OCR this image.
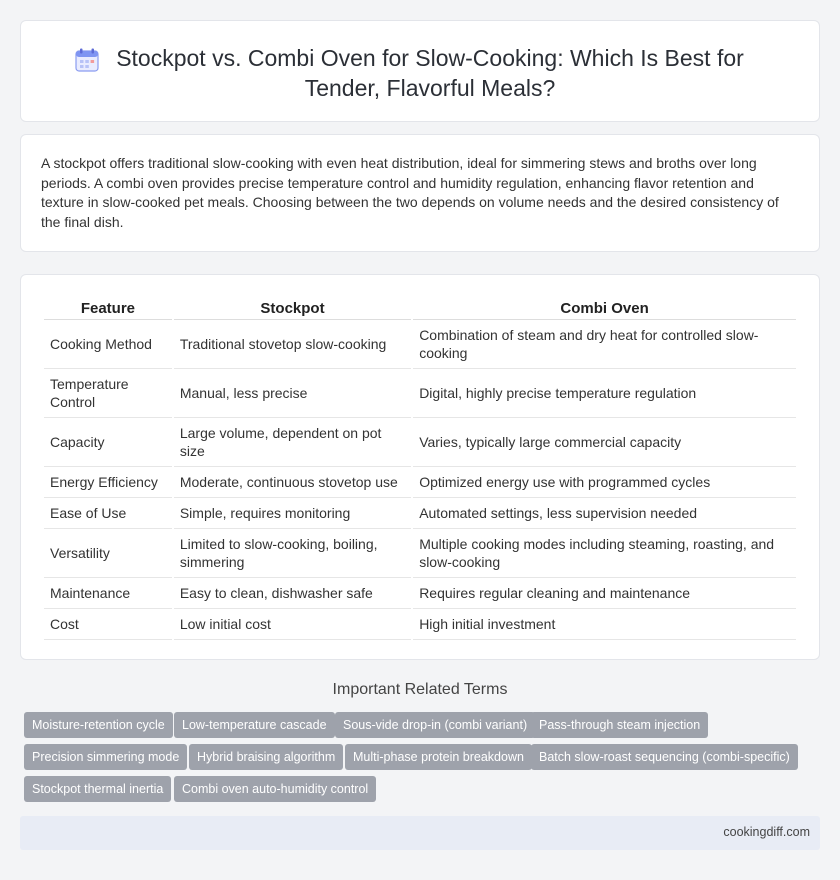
Stockpot vs. Combi Oven for Slow-Cooking: Which Is Best for Tender, Flavorful Meals?

A stockpot offers traditional slow-cooking with even heat distribution, ideal for simmering stews and broths over long periods. A combi oven provides precise temperature control and humidity regulation, enhancing flavor retention and texture in slow-cooked pet meals. Choosing between the two depends on volume needs and the desired consistency of the final dish.

Feature	Stockpot	Combi Oven
Cooking Method	Traditional stovetop slow-cooking	Combination of steam and dry heat for controlled slow-cooking
Temperature Control	Manual, less precise	Digital, highly precise temperature regulation
Capacity	Large volume, dependent on pot size	Varies, typically large commercial capacity
Energy Efficiency	Moderate, continuous stovetop use	Optimized energy use with programmed cycles
Ease of Use	Simple, requires monitoring	Automated settings, less supervision needed
Versatility	Limited to slow-cooking, boiling, simmering	Multiple cooking modes including steaming, roasting, and slow-cooking
Maintenance	Easy to clean, dishwasher safe	Requires regular cleaning and maintenance
Cost	Low initial cost	High initial investment
Important Related Terms
Moisture-retention cycle	Low-temperature cascade	Sous-vide drop-in (combi variant) Pass-through steam injection
Precision simmering mode	Hybrid braising algorithm	Multi-phase protein breakdown	Batch slow-roast sequencing (combi-specific)
Stockpot thermal inertia	Combi oven auto-humidity control
cookingdiff.com
